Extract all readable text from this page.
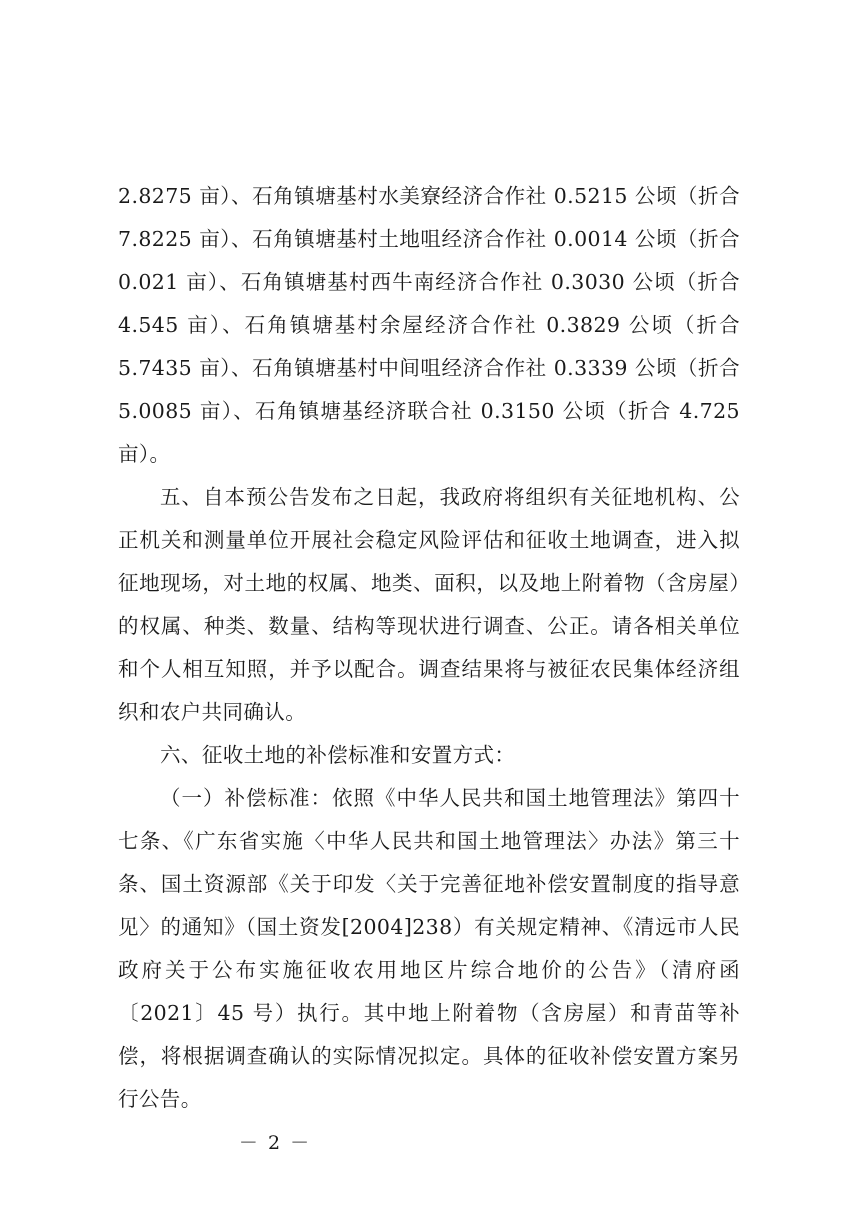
2.8275 亩）、石角镇塘基村水美寮经济合作社 0.5215 公顷（折合 7.8225 亩）、石角镇塘基村土地咀经济合作社 0.0014 公顷（折合 0.021 亩）、石角镇塘基村西牛南经济合作社 0.3030 公顷（折合 4.545 亩）、石角镇塘基村余屋经济合作社 0.3829 公顷（折合 5.7435 亩）、石角镇塘基村中间咀经济合作社 0.3339 公顷（折合 5.0085 亩）、石角镇塘基经济联合社 0.3150 公顷（折合 4.725 亩）。

五、自本预公告发布之日起，我政府将组织有关征地机构、公正机关和测量单位开展社会稳定风险评估和征收土地调查，进入拟征地现场，对土地的权属、地类、面积，以及地上附着物（含房屋）的权属、种类、数量、结构等现状进行调查、公正。请各相关单位和个人相互知照，并予以配合。调查结果将与被征农民集体经济组织和农户共同确认。

六、征收土地的补偿标准和安置方式：

（一）补偿标准：依照《中华人民共和国土地管理法》第四十七条、《广东省实施〈中华人民共和国土地管理法〉办法》第三十条、国土资源部《关于印发〈关于完善征地补偿安置制度的指导意见〉的通知》（国土资发[2004]238）有关规定精神、《清远市人民政府关于公布实施征收农用地区片综合地价的公告》（清府函〔2021〕45 号）执行。其中地上附着物（含房屋）和青苗等补偿，将根据调查确认的实际情况拟定。具体的征收补偿安置方案另行公告。

－ 2 －
